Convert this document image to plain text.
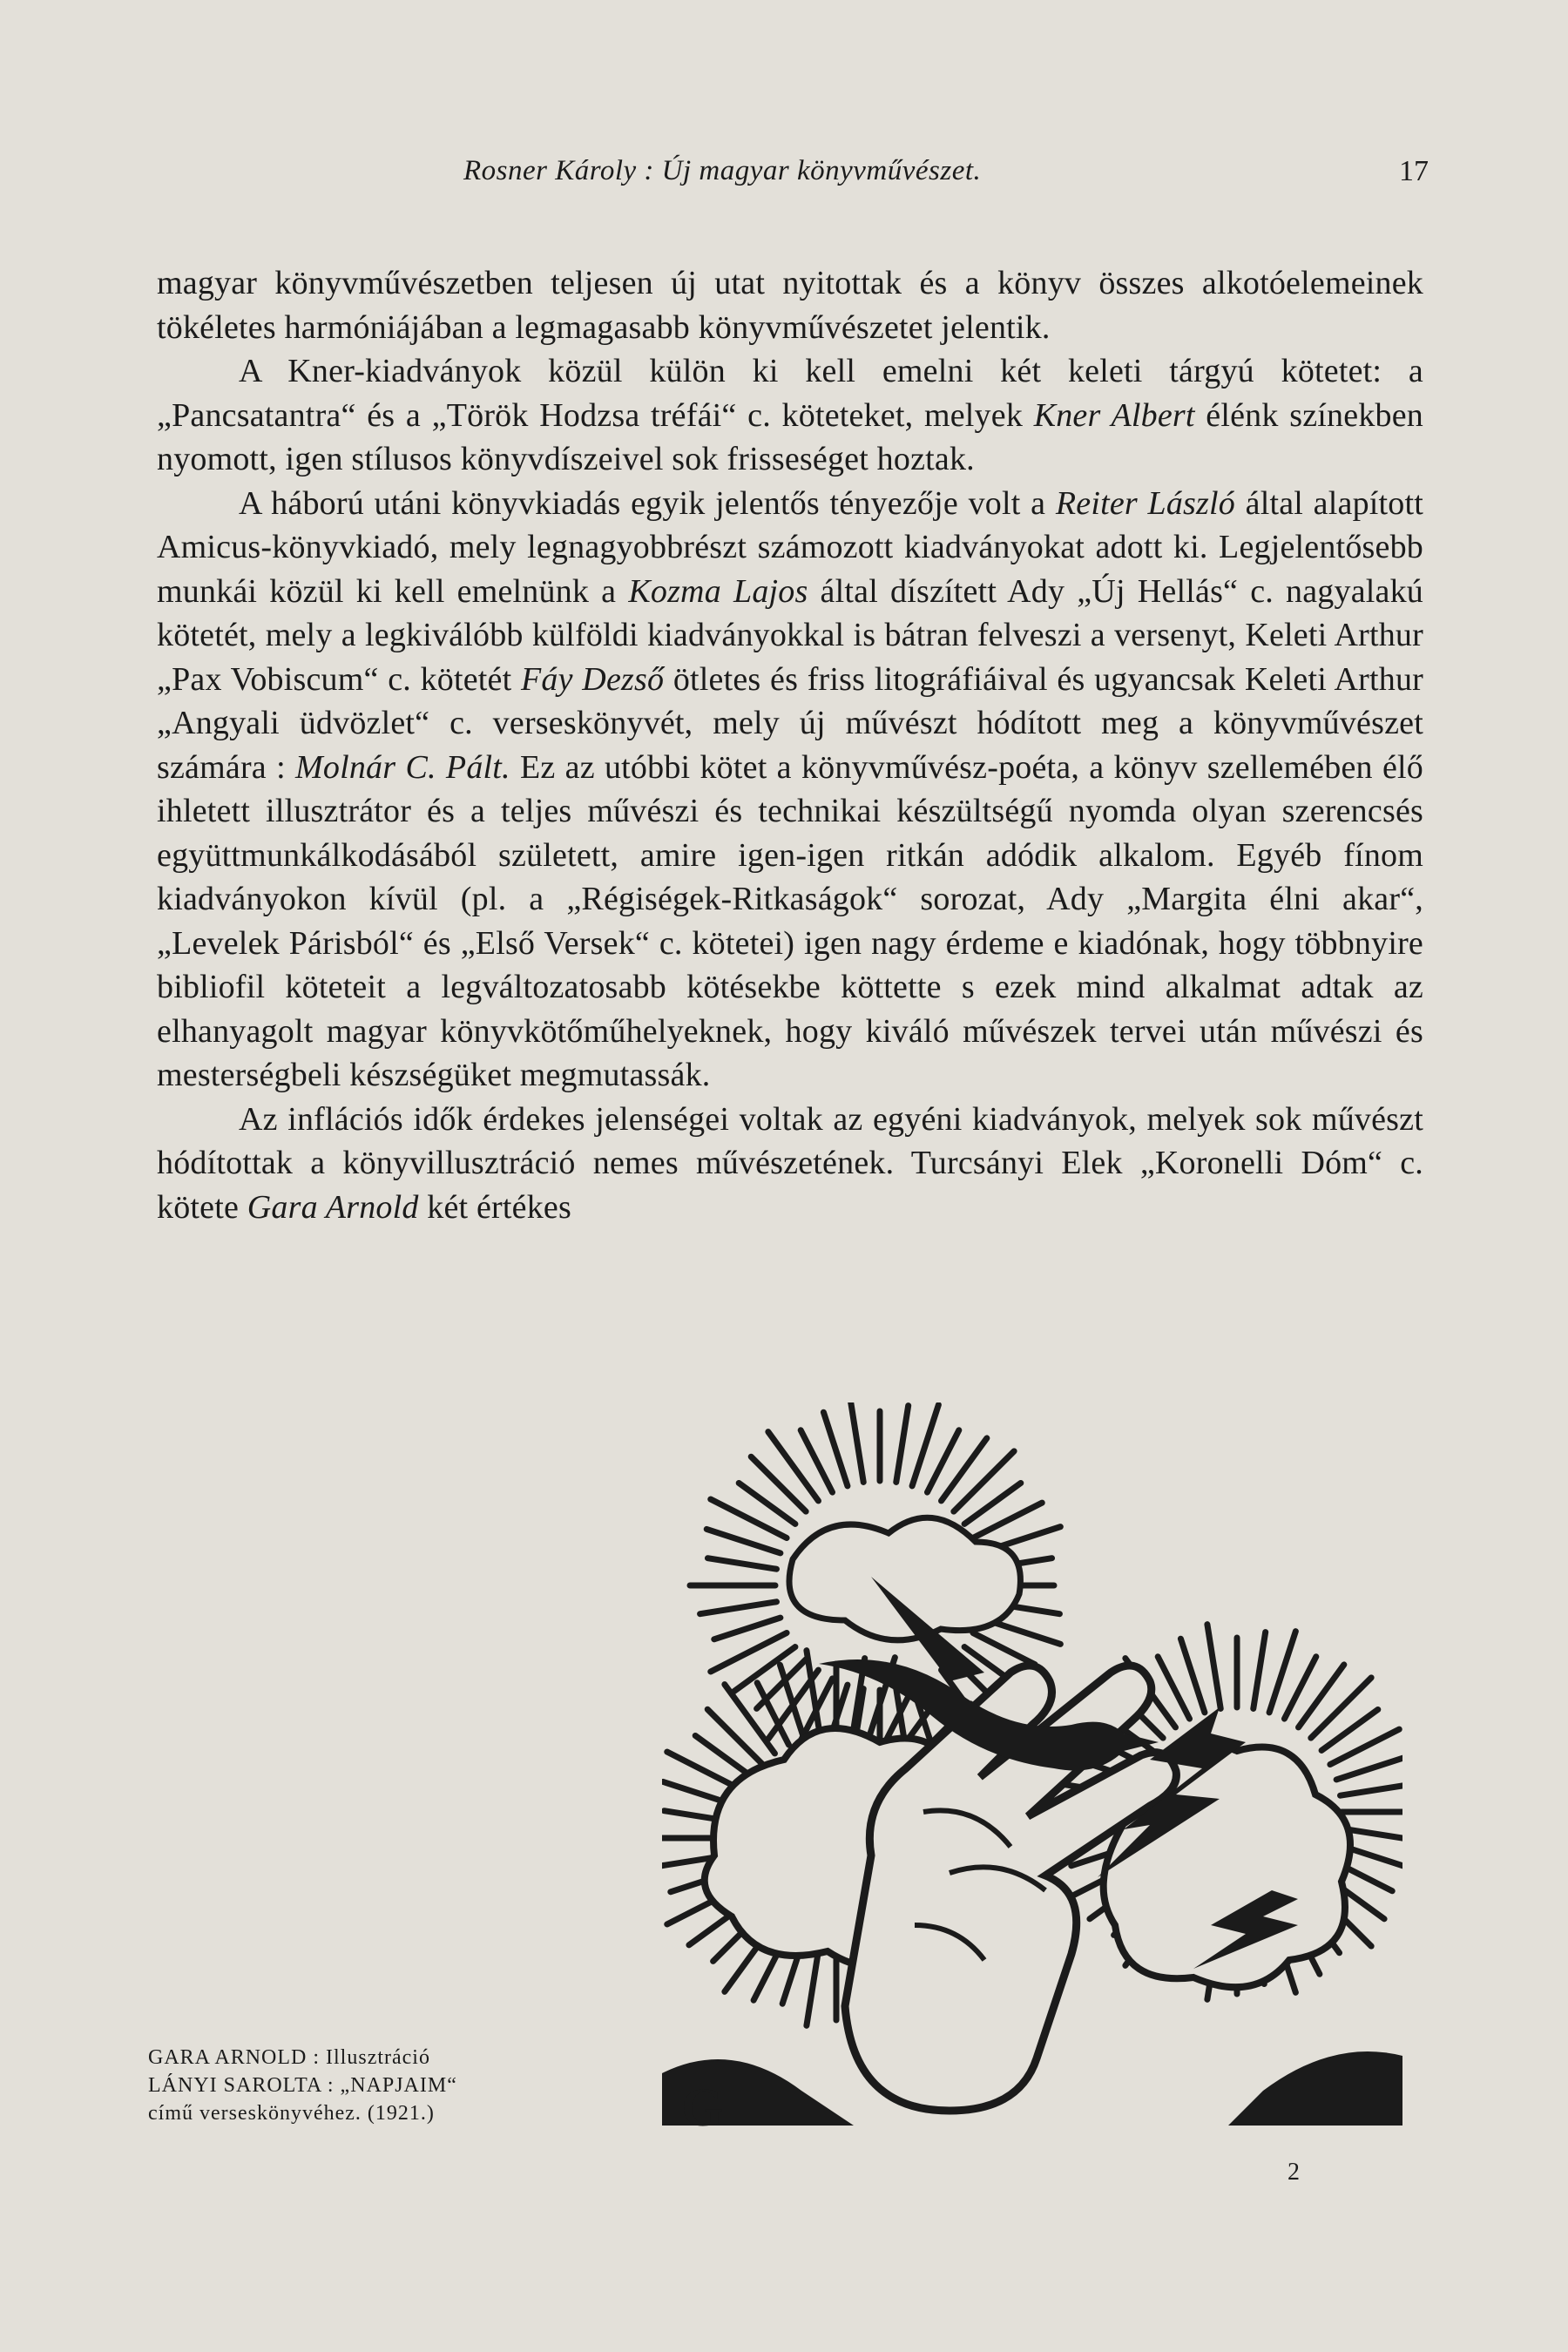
Rosner Károly : Új magyar könyvművészet.	17

magyar könyvművészetben teljesen új utat nyitottak és a könyv összes alkotóelemeinek tökéletes harmóniájában a legmagasabb könyvművészetet jelentik.

A Kner-kiadványok közül külön ki kell emelni két keleti tárgyú kötetet: a „Pancsatantra“ és a „Török Hodzsa tréfái“ c. köteteket, melyek Kner Albert élénk színekben nyomott, igen stílusos könyvdíszeivel sok frisseséget hoztak.

A háború utáni könyvkiadás egyik jelentős tényezője volt a Reiter László által alapított Amicus-könyvkiadó, mely legnagyobbrészt számozott kiadványokat adott ki. Legjelentősebb munkái közül ki kell emelnünk a Kozma Lajos által díszített Ady „Új Hellás“ c. nagyalakú kötetét, mely a legkiválóbb külföldi kiadványokkal is bátran felveszi a versenyt, Keleti Arthur „Pax Vobiscum“ c. kötetét Fáy Dezső ötletes és friss litográfiáival és ugyancsak Keleti Arthur „Angyali üdvözlet“ c. verseskönyvét, mely új művészt hódított meg a könyvművészet számára : Molnár C. Pált. Ez az utóbbi kötet a könyvművész-poéta, a könyv szellemében élő ihletett illusztrátor és a teljes művészi és technikai készültségű nyomda olyan szerencsés együttmunkálkodásából született, amire igen-igen ritkán adódik alkalom. Egyéb fínom kiadványokon kívül (pl. a „Régiségek-Ritkaságok“ sorozat, Ady „Margita élni akar“, „Levelek Párisból“ és „Első Versek“ c. kötetei) igen nagy érdeme e kiadónak, hogy többnyire bibliofil köteteit a legváltozatosabb kötésekbe köttette s ezek mind alkalmat adtak az elhanyagolt magyar könyvkötőműhelyeknek, hogy kiváló művészek tervei után művészi és mesterségbeli készségüket megmutassák.

Az inflációs idők érdekes jelenségei voltak az egyéni kiadványok, melyek sok művészt hódítottak a könyvillusztráció nemes művészetének. Turcsányi Elek „Koronelli Dóm“ c. kötete Gara Arnold két értékes

GARA ARNOLD : Illusztráció
LÁNYI SAROLTA : „NAPJAIM“
című verseskönyvéhez. (1921.)	G
2
